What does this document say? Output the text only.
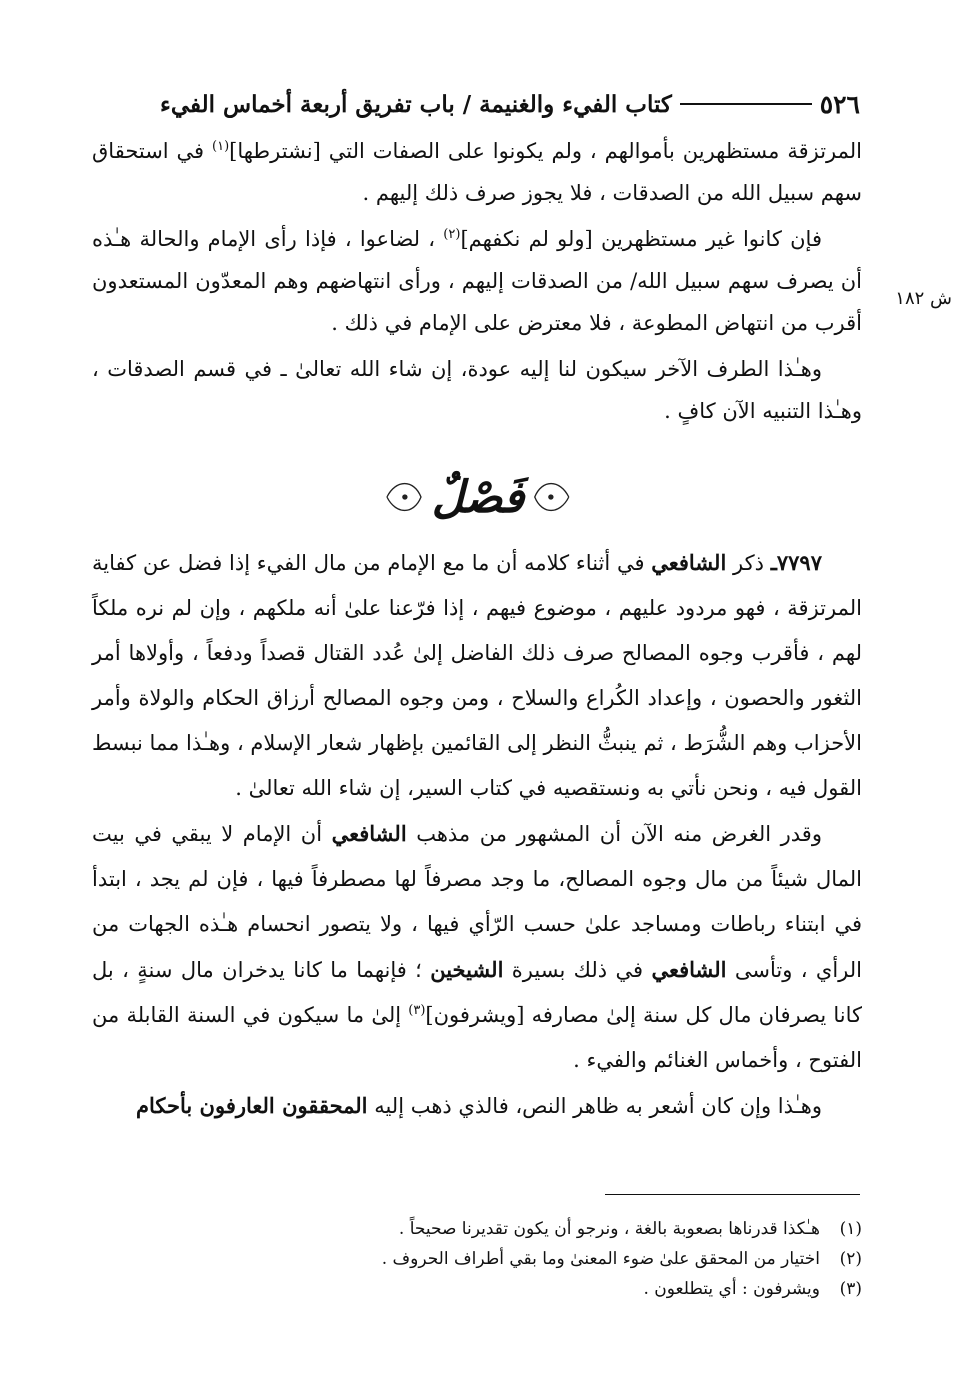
٥٢٦
كتاب الفيء والغنيمة / باب تفريق أربعة أخماس الفيء
ش ١٨٢

المرتزقة مستظهرين بأموالهم ، ولم يكونوا على الصفات التي [نشترطها]$^{(١)}$ في استحقاق سهم سبيل الله من الصدقات ، فلا يجوز صرف ذلك إليهم .

فإن كانوا غير مستظهرين [ولو لم نكفهم]$^{(٢)}$ ، لضاعوا ، فإذا رأى الإمام والحالة هـٰذه أن يصرف سهم سبيل الله/ من الصدقات إليهم ، ورأى انتهاضهم وهم المعدّون المستعدون أقرب من انتهاض المطوعة ، فلا معترض على الإمام في ذلك .

وهـٰذا الطرف الآخر سيكون لنا إليه عودة، إن شاء الله تعالىٰ ـ في قسم الصدقات ، وهـٰذا التنبيه الآن كافٍ .

فَصْلٌ

٧٧٩٧ـ ذكر الشافعي في أثناء كلامه أن ما مع الإمام من مال الفيء إذا فضل عن كفاية المرتزقة ، فهو مردود عليهم ، موضوع فيهم ، إذا فرّعنا علىٰ أنه ملكهم ، وإن لم نره ملكاً لهم ، فأقرب وجوه المصالح صرف ذلك الفاضل إلىٰ عُدد القتال قصداً ودفعاً ، وأولاها أمر الثغور والحصون ، وإعداد الكُراع والسلاح ، ومن وجوه المصالح أرزاق الحكام والولاة وأمر الأحزاب وهم الشُّرَط ، ثم ينبثُّ النظر إلى القائمين بإظهار شعار الإسلام ، وهـٰذا مما نبسط القول فيه ، ونحن نأتي به ونستقصيه في كتاب السير، إن شاء الله تعالىٰ .

وقدر الغرض منه الآن أن المشهور من مذهب الشافعي أن الإمام لا يبقي في بيت المال شيئاً من مال وجوه المصالح، ما وجد مصرفاً لها مصطرفاً فيها ، فإن لم يجد ، ابتدأ في ابتناء رباطات ومساجد علىٰ حسب الرّأي فيها ، ولا يتصور انحسام هـٰذه الجهات من الرأي ، وتأسى الشافعي في ذلك بسيرة الشيخين ؛ فإنهما ما كانا يدخران مال سنةٍ ، بل كانا يصرفان مال كل سنة إلىٰ مصارفه [ويشرفون]$^{(٣)}$ إلىٰ ما سيكون في السنة القابلة من الفتوح ، وأخماس الغنائم والفيء .

وهـٰذا وإن كان أشعر به ظاهر النص، فالذي ذهب إليه المحققون العارفون بأحكام

(١)
هـٰكذا قدرناها بصعوبة بالغة ، ونرجو أن يكون تقديرنا صحيحاً .
(٢)
اختيار من المحقق علىٰ ضوء المعنىٰ وما بقي أطراف الحروف .
(٣)
ويشرفون : أي يتطلعون .
